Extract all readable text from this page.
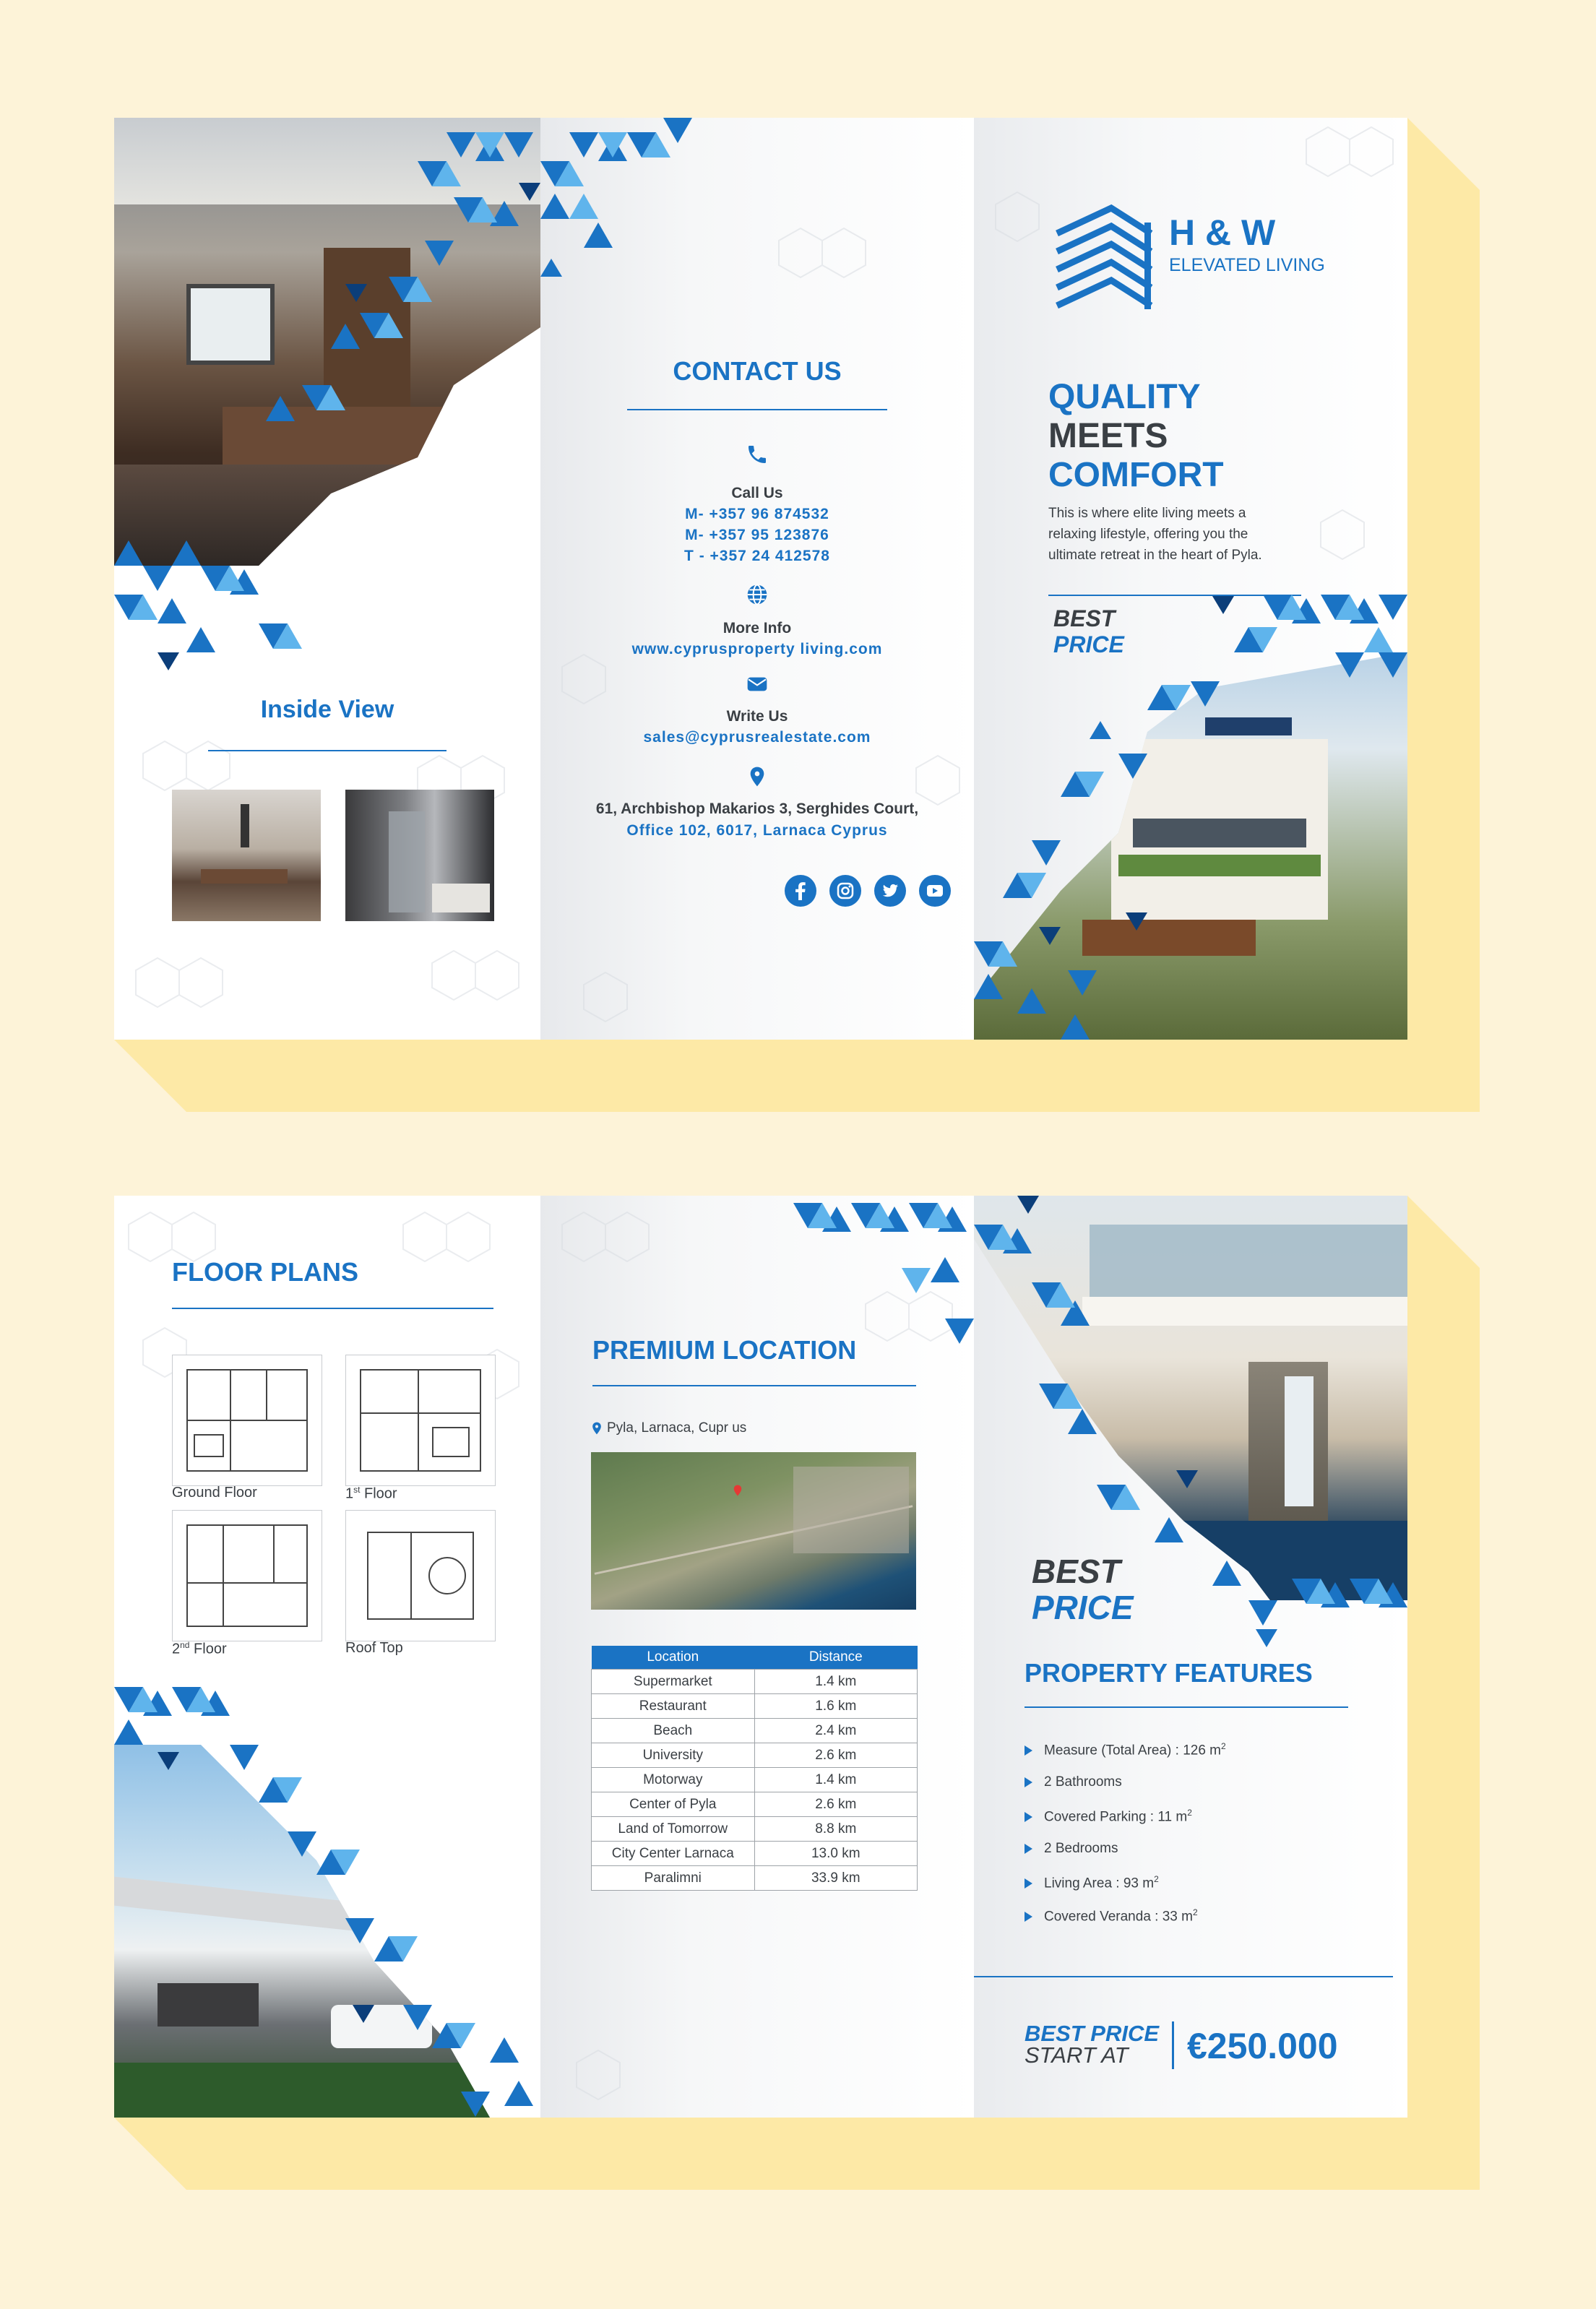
Inside View
CONTACT US
Call Us
M- +357 96 874532
M- +357 95 123876
T - +357 24 412578
More Info
www.cyprusproperty living.com
Write Us
sales@cyprusrealestate.com
61, Archbishop Makarios 3, Serghides Court,
Office 102, 6017, Larnaca Cyprus
H & W
ELEVATED LIVING
QUALITY
MEETS
COMFORT
This is where elite living meets a
relaxing lifestyle, offering you the
ultimate retreat in the heart of Pyla.
BEST
PRICE
FLOOR PLANS
Ground Floor	1st Floor
2nd Floor	Roof Top
PREMIUM LOCATION
Pyla, Larnaca, Cupr us
Location	Distance
Supermarket	1.4 km
Restaurant	1.6 km
Beach	2.4 km
University	2.6 km
Motorway	1.4 km
Center of Pyla	2.6 km
Land of Tomorrow	8.8 km
City Center Larnaca	13.0 km
Paralimni	33.9 km
BEST
PRICE
PROPERTY FEATURES
Measure (Total Area) : 126 $m^2$
2 Bathrooms
Covered Parking : 11 $m^2$
2 Bedrooms
Living Area : 93 $m^2$
Covered Veranda : 33 $m^2$
BEST PRICE
START AT	€250.000
